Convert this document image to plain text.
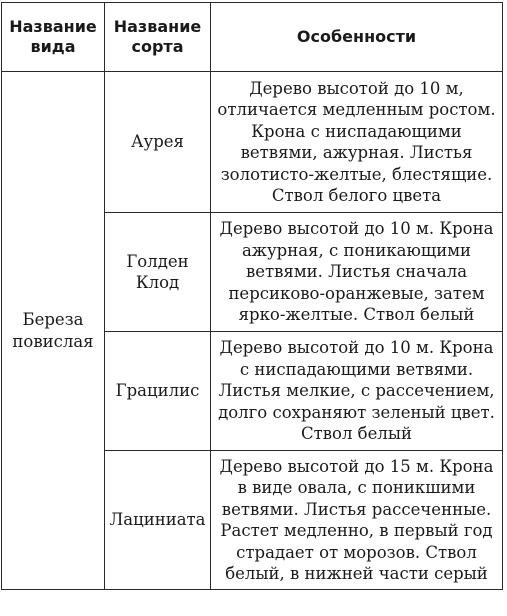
Название вида	Название сорта	Особенности
Береза повислая	Аурея	Дерево высотой до 10 м, отличается медленным ростом. Крона с ниспадающими ветвями, ажурная. Листья золотисто-желтые, блестящие. Ствол белого цвета
	Голден Клод	Дерево высотой до 10 м. Крона ажурная, с поникающими ветвями. Листья сначала персиково-оранжевые, затем ярко-желтые. Ствол белый
	Грацилис	Дерево высотой до 10 м. Крона с ниспадающими ветвями. Листья мелкие, с рассечением, долго сохраняют зеленый цвет. Ствол белый
	Лациниата	Дерево высотой до 15 м. Крона в виде овала, с поникшими ветвями. Листья рассеченные. Растет медленно, в первый год страдает от морозов. Ствол белый, в нижней части серый
